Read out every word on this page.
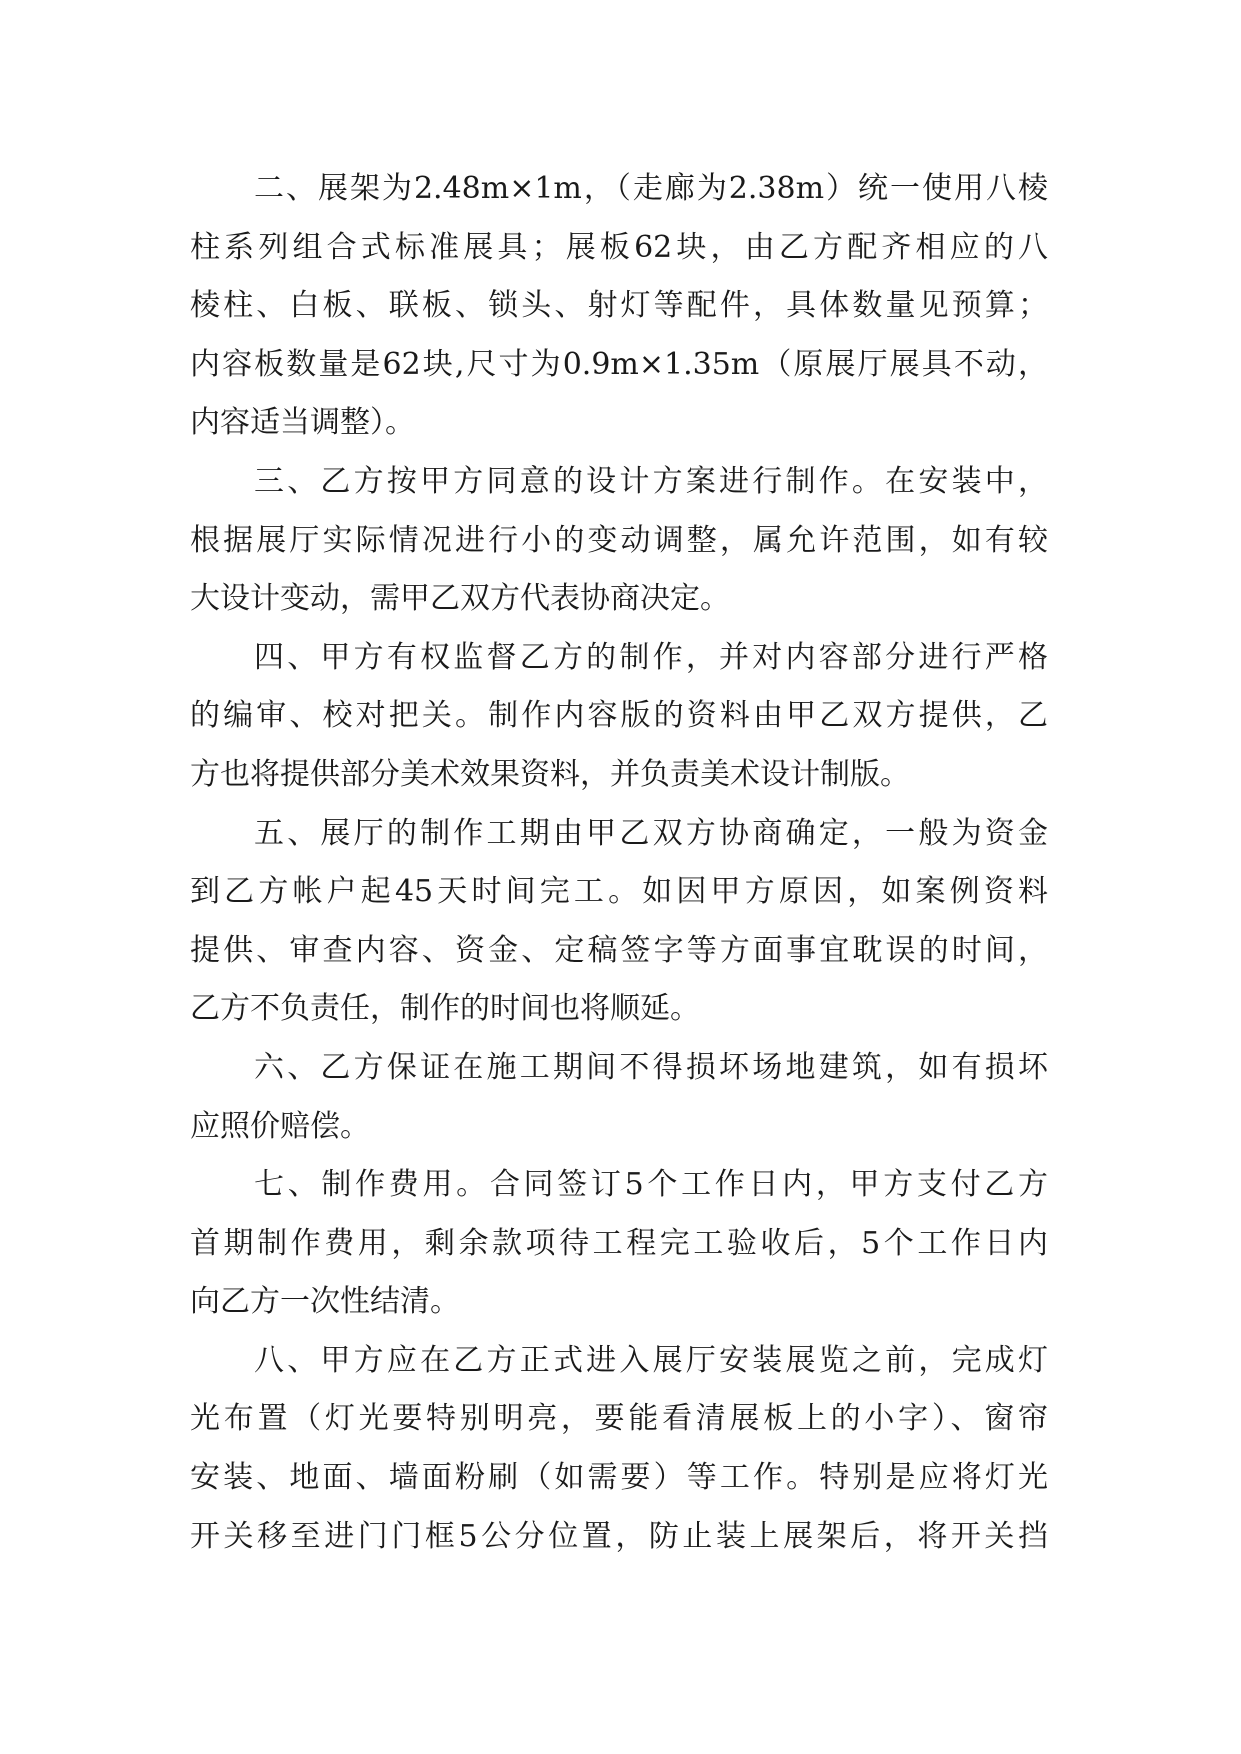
二、展架为2.48m×1m，（走廊为2.38m）统一使用八棱
柱系列组合式标准展具；展板62块，由乙方配齐相应的八
棱柱、白板、联板、锁头、射灯等配件，具体数量见预算；
内容板数量是62块,尺寸为0.9m×1.35m（原展厅展具不动，
内容适当调整）。
三、乙方按甲方同意的设计方案进行制作。在安装中，
根据展厅实际情况进行小的变动调整，属允许范围，如有较
大设计变动，需甲乙双方代表协商决定。
四、甲方有权监督乙方的制作，并对内容部分进行严格
的编审、校对把关。制作内容版的资料由甲乙双方提供，乙
方也将提供部分美术效果资料，并负责美术设计制版。
五、展厅的制作工期由甲乙双方协商确定，一般为资金
到乙方帐户起45天时间完工。如因甲方原因，如案例资料
提供、审查内容、资金、定稿签字等方面事宜耽误的时间，
乙方不负责任，制作的时间也将顺延。
六、乙方保证在施工期间不得损坏场地建筑，如有损坏
应照价赔偿。
七、制作费用。合同签订5个工作日内，甲方支付乙方
首期制作费用，剩余款项待工程完工验收后，5个工作日内
向乙方一次性结清。
八、甲方应在乙方正式进入展厅安装展览之前，完成灯
光布置（灯光要特别明亮，要能看清展板上的小字）、窗帘
安装、地面、墙面粉刷（如需要）等工作。特别是应将灯光
开关移至进门门框5公分位置，防止装上展架后，将开关挡
